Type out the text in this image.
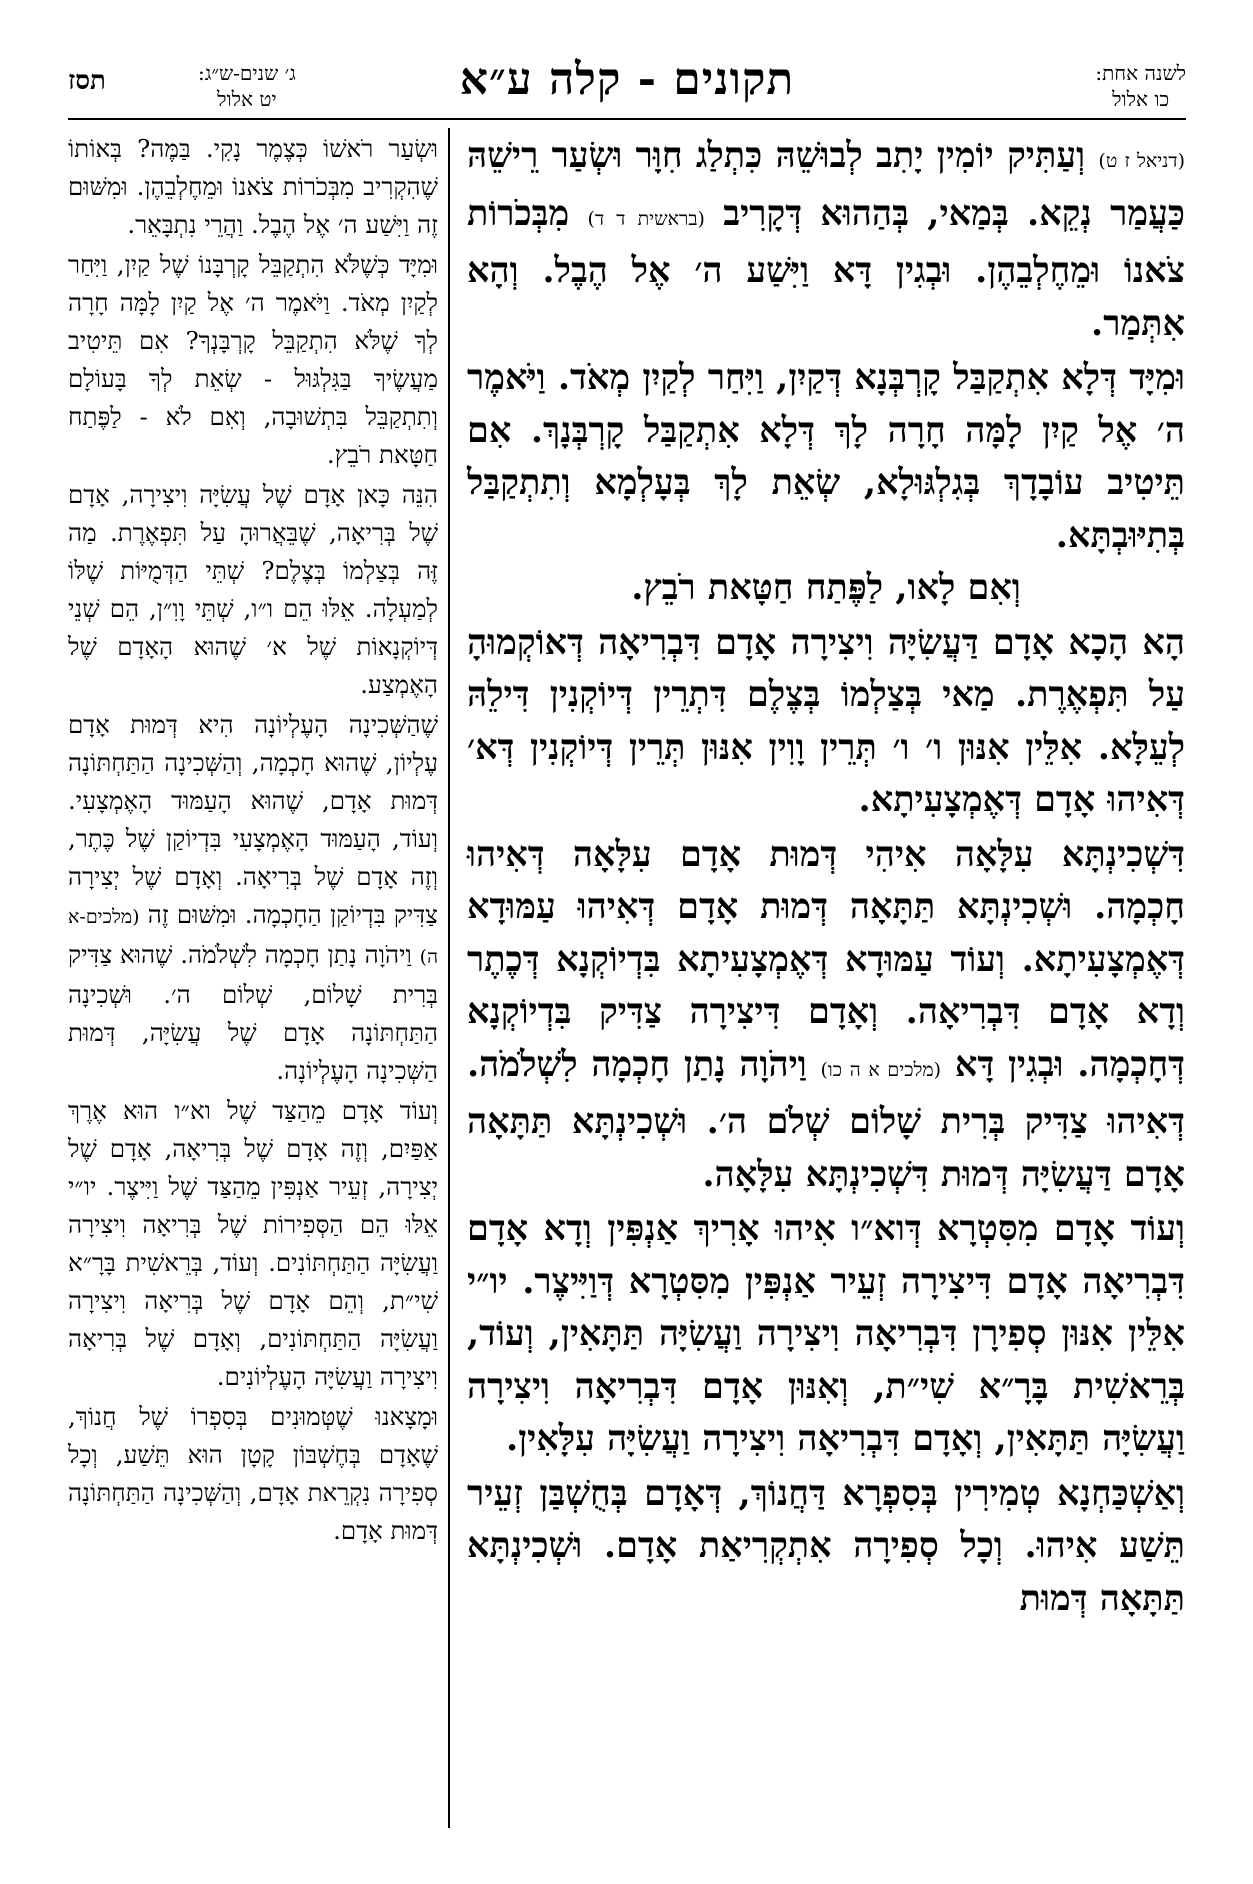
תסז	ג׳ שנים-ש״ג:
יט אלול	תקונים - קלה ע״א	לשנה אחת:
כו אלול
(דניאל ז ט) וְעַתִּיק יוֹמִין יָתִב לְבוּשֵׁהּ כִּתְלַג חִוָּר וּשְׂעַר רֵישֵׁהּ כַּעֲמַר נְקֵא. בְּמַאי, בְּהַהוּא דְּקָרִיב (בראשית ד ד) מִבְּכֹרוֹת צֹאנוֹ וּמֵחֶלְבֵהֶן. וּבְגִין דָּא וַיִּשַׁע ה׳ אֶל הֶבֶל. וְהָא אִתְּמַר.
וּמִיָּד דְּלָא אִתְקַבַּל קָרְבְּנָא דְּקַיִן, וַיִּחַר לְקַיִן מְאֹד. וַיֹּאמֶר ה׳ אֶל קַיִן לָמָּה חָרָה לָךְ דְּלָא אִתְקַבַּל קָרְבְּנָךְ. אִם תֵּיטִיב עוֹבָדָךְ בְּגִלְגּוּלָא, שְׂאֵת לָךְ בְּעָלְמָא וְתִתְקַבַּל בְּתִיּוּבְתָּא.
וְאִם לָאו, לַפֶּתַח חַטָּאת רֹבֵץ.
הָא הָכָא אָדָם דַּעֲשִׂיָּה וִיצִירָה אָדָם דִּבְרִיאָה דְּאוֹקְמוּהָ עַל תִּפְאֶרֶת. מַאי בְּצַלְמוֹ בְּצֶלֶם דִּתְרֵין דְּיוֹקְנִין דִּילֵהּ לְעֵלָּא. אִלֵּין אִנּוּן ו׳ ו׳ תְּרֵין וָוִין אִנּוּן תְּרֵין דְּיוֹקְנִין דְּא׳ דְּאִיהוּ אָדָם דְּאֶמְצָעִיתָא.
דִּשְׁכִינְתָּא עִלָּאָה אִיהִי דְּמוּת אָדָם עִלָּאָה דְּאִיהוּ חָכְמָה. וּשְׁכִינְתָּא תַּתָּאָה דְּמוּת אָדָם דְּאִיהוּ עַמּוּדָא דְּאֶמְצָעִיתָא. וְעוֹד עַמּוּדָא דְּאֶמְצָעִיתָא בִּדְיוֹקְנָא דְּכֶתֶר וְדָא אָדָם דִּבְרִיאָה. וְאָדָם דִּיצִירָה צַדִּיק בִּדְיוֹקְנָא דְּחָכְמָה. וּבְגִין דָּא (מלכים א ה כו) וַיהֹוָה נָתַן חָכְמָה לִשְׁלֹמֹה. דְּאִיהוּ צַדִּיק בְּרִית שָׁלוֹם שְׁלֹם ה׳. וּשְׁכִינְתָּא תַּתָּאָה אָדָם דַּעֲשִׂיָּה דְּמוּת דִּשְׁכִינְתָּא עִלָּאָה.
וְעוֹד אָדָם מִסִּטְרָא דְּוא״ו אִיהוּ אָרִיךְ אַנְפִּין וְדָא אָדָם דִּבְרִיאָה אָדָם דִּיצִירָה זְעֵיר אַנְפִּין מִסִּטְרָא דְּוַיִּיצֶר. יו״י אִלֵּין אִנּוּן סְפִירָן דִּבְרִיאָה וִיצִירָה וַעֲשִׂיָּה תַּתָּאִין, וְעוֹד, בְּרֵאשִׁית בָּרָ״א שִׁי״ת, וְאִנּוּן אָדָם דִּבְרִיאָה וִיצִירָה וַעֲשִׂיָּה תַּתָּאִין, וְאָדָם דִּבְרִיאָה וִיצִירָה וַעֲשִׂיָּה עִלָּאִין.
וְאַשְׁכַּחְנָא טְמִירִין בְּסִפְרָא דַּחֲנוֹךְ, דְּאָדָם בְּחֻשְׁבַּן זְעֵיר תֵּשַׁע אִיהוּ. וְכָל סְפִירָה אִתְקְרִיאַת אָדָם. וּשְׁכִינְתָּא תַּתָּאָה דְּמוּת
וּשְׂעַר רֹאשׁוֹ כְּצֶמֶר נָקִי. בַּמֶּה? בְּאוֹתוֹ שֶׁהִקְרִיב מִבְּכֹרוֹת צֹאנוֹ וּמֵחֶלְבֵהֶן. וּמִשּׁוּם זֶה וַיִּשַׁע ה׳ אֶל הֶבֶל. וַהֲרֵי נִתְבָּאֵר.
וּמִיָּד כְּשֶׁלֹּא הִתְקַבֵּל קָרְבָּנוֹ שֶׁל קַיִן, וַיִּחַר לְקַיִן מְאֹד. וַיֹּאמֶר ה׳ אֶל קַיִן לָמָּה חָרָה לְךָ שֶׁלֹּא הִתְקַבֵּל קָרְבָּנְךָ? אִם תֵּיטִיב מַעֲשֶׂיךָ בַּגִּלְגּוּל - שְׂאֵת לְךָ בָּעוֹלָם וְתִתְקַבֵּל בִּתְשׁוּבָה, וְאִם לֹא - לַפֶּתַח חַטָּאת רֹבֵץ.
הִנֵּה כָּאן אָדָם שֶׁל עֲשִׂיָּה וִיצִירָה, אָדָם שֶׁל בְּרִיאָה, שֶׁבֵּאֲרוּהָ עַל תִּפְאֶרֶת. מַה זֶּה בְּצַלְמוֹ בְּצֶלֶם? שְׁתֵּי הַדְּמֻיּוֹת שֶׁלּוֹ לְמַעְלָה. אֵלּוּ הֵם ו״ו, שְׁתֵּי וָוִ״ן, הֵם שְׁנֵי דְּיוֹקְנָאוֹת שֶׁל א׳ שֶׁהוּא הָאָדָם שֶׁל הָאֶמְצַע.
שֶׁהַשְּׁכִינָה הָעֶלְיוֹנָה הִיא דְּמוּת אָדָם עֶלְיוֹן, שֶׁהוּא חָכְמָה, וְהַשְּׁכִינָה הַתַּחְתּוֹנָה דְּמוּת אָדָם, שֶׁהוּא הָעַמּוּד הָאֶמְצָעִי. וְעוֹד, הָעַמּוּד הָאֶמְצָעִי בִּדְיוֹקַן שֶׁל כֶּתֶר, וְזֶה אָדָם שֶׁל בְּרִיאָה. וְאָדָם שֶׁל יְצִירָה צַדִּיק בִּדְיוֹקַן הַחָכְמָה. וּמִשּׁוּם זֶה (מלכים-א ה) וַיהֹוָה נָתַן חָכְמָה לִשְׁלֹמֹה. שֶׁהוּא צַדִּיק בְּרִית שָׁלוֹם, שְׁלוֹם ה׳. וּשְׁכִינָה הַתַּחְתּוֹנָה אָדָם שֶׁל עֲשִׂיָּה, דְּמוּת הַשְּׁכִינָה הָעֶלְיוֹנָה.
וְעוֹד אָדָם מֵהַצַּד שֶׁל וא״ו הוּא אֶרֶךְ אַפַּיִם, וְזֶה אָדָם שֶׁל בְּרִיאָה, אָדָם שֶׁל יְצִירָה, זְעֵיר אַנְפִּין מֵהַצַּד שֶׁל וַיִּיצֶר. יו״י אֵלּוּ הֵם הַסְּפִירוֹת שֶׁל בְּרִיאָה וִיצִירָה וַעֲשִׂיָּה הַתַּחְתּוֹנִים. וְעוֹד, בְּרֵאשִׁית בָּרָ״א שִׁי״ת, וְהֵם אָדָם שֶׁל בְּרִיאָה וִיצִירָה וַעֲשִׂיָּה הַתַּחְתּוֹנִים, וְאָדָם שֶׁל בְּרִיאָה וִיצִירָה וַעֲשִׂיָּה הָעֶלְיוֹנִים.
וּמָצָאנוּ שֶׁטְּמוּנִים בְּסִפְרוֹ שֶׁל חֲנוֹךְ, שֶׁאָדָם בְּחֶשְׁבּוֹן קָטָן הוּא תֵּשַׁע, וְכָל סְפִירָה נִקְרֵאת אָדָם, וְהַשְּׁכִינָה הַתַּחְתּוֹנָה דְּמוּת אָדָם.
